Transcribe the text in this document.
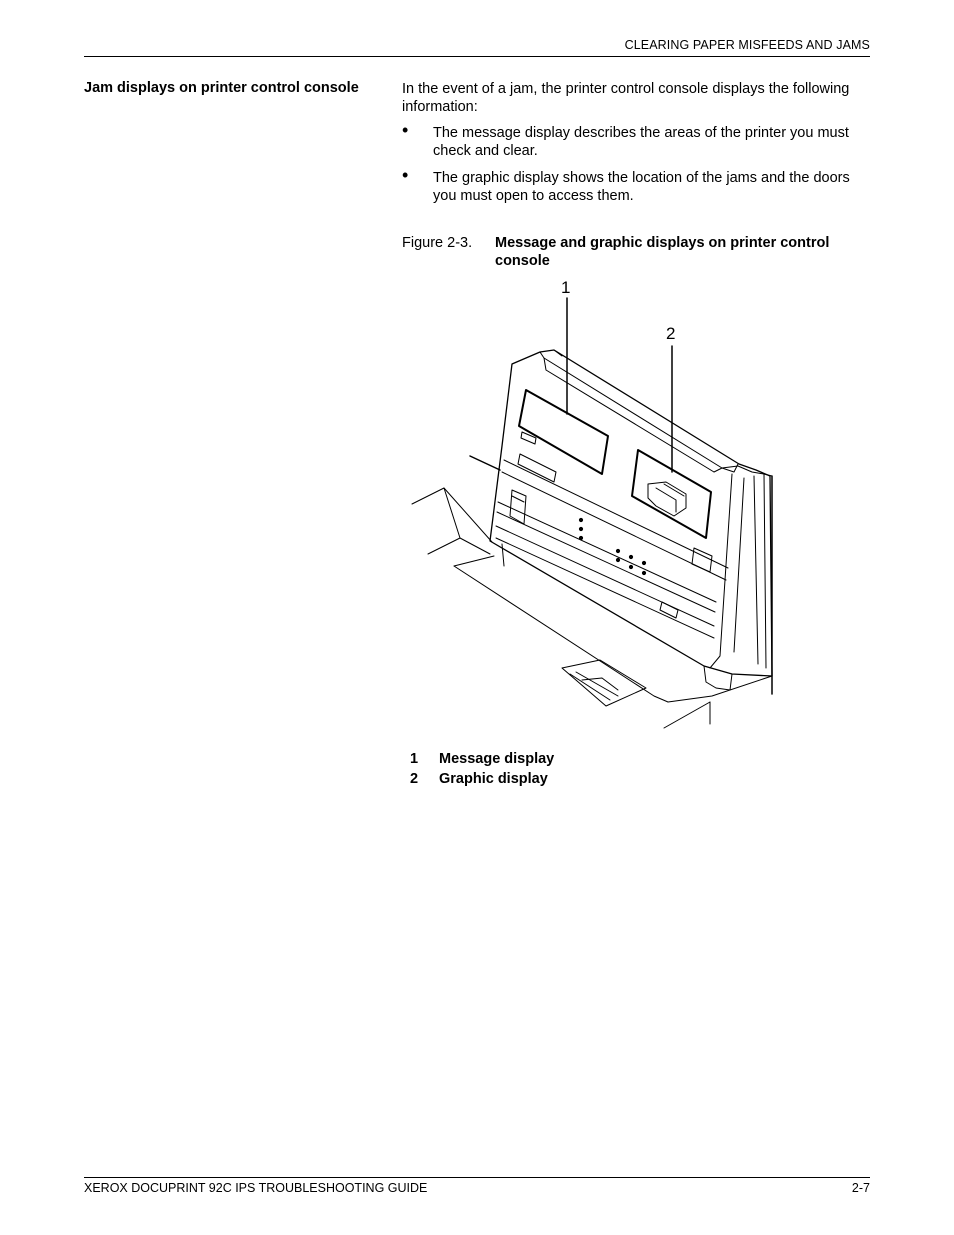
CLEARING PAPER MISFEEDS AND JAMS
Jam displays on printer control console	In the event of a jam, the printer control console displays the following information:
• The message display describes the areas of the printer you must check and clear.
• The graphic display shows the location of the jams and the doors you must open to access them.
Figure 2-3. Message and graphic displays on printer control console
1
2
1 Message display
2 Graphic display
XEROX DOCUPRINT 92C IPS TROUBLESHOOTING GUIDE	2-7
